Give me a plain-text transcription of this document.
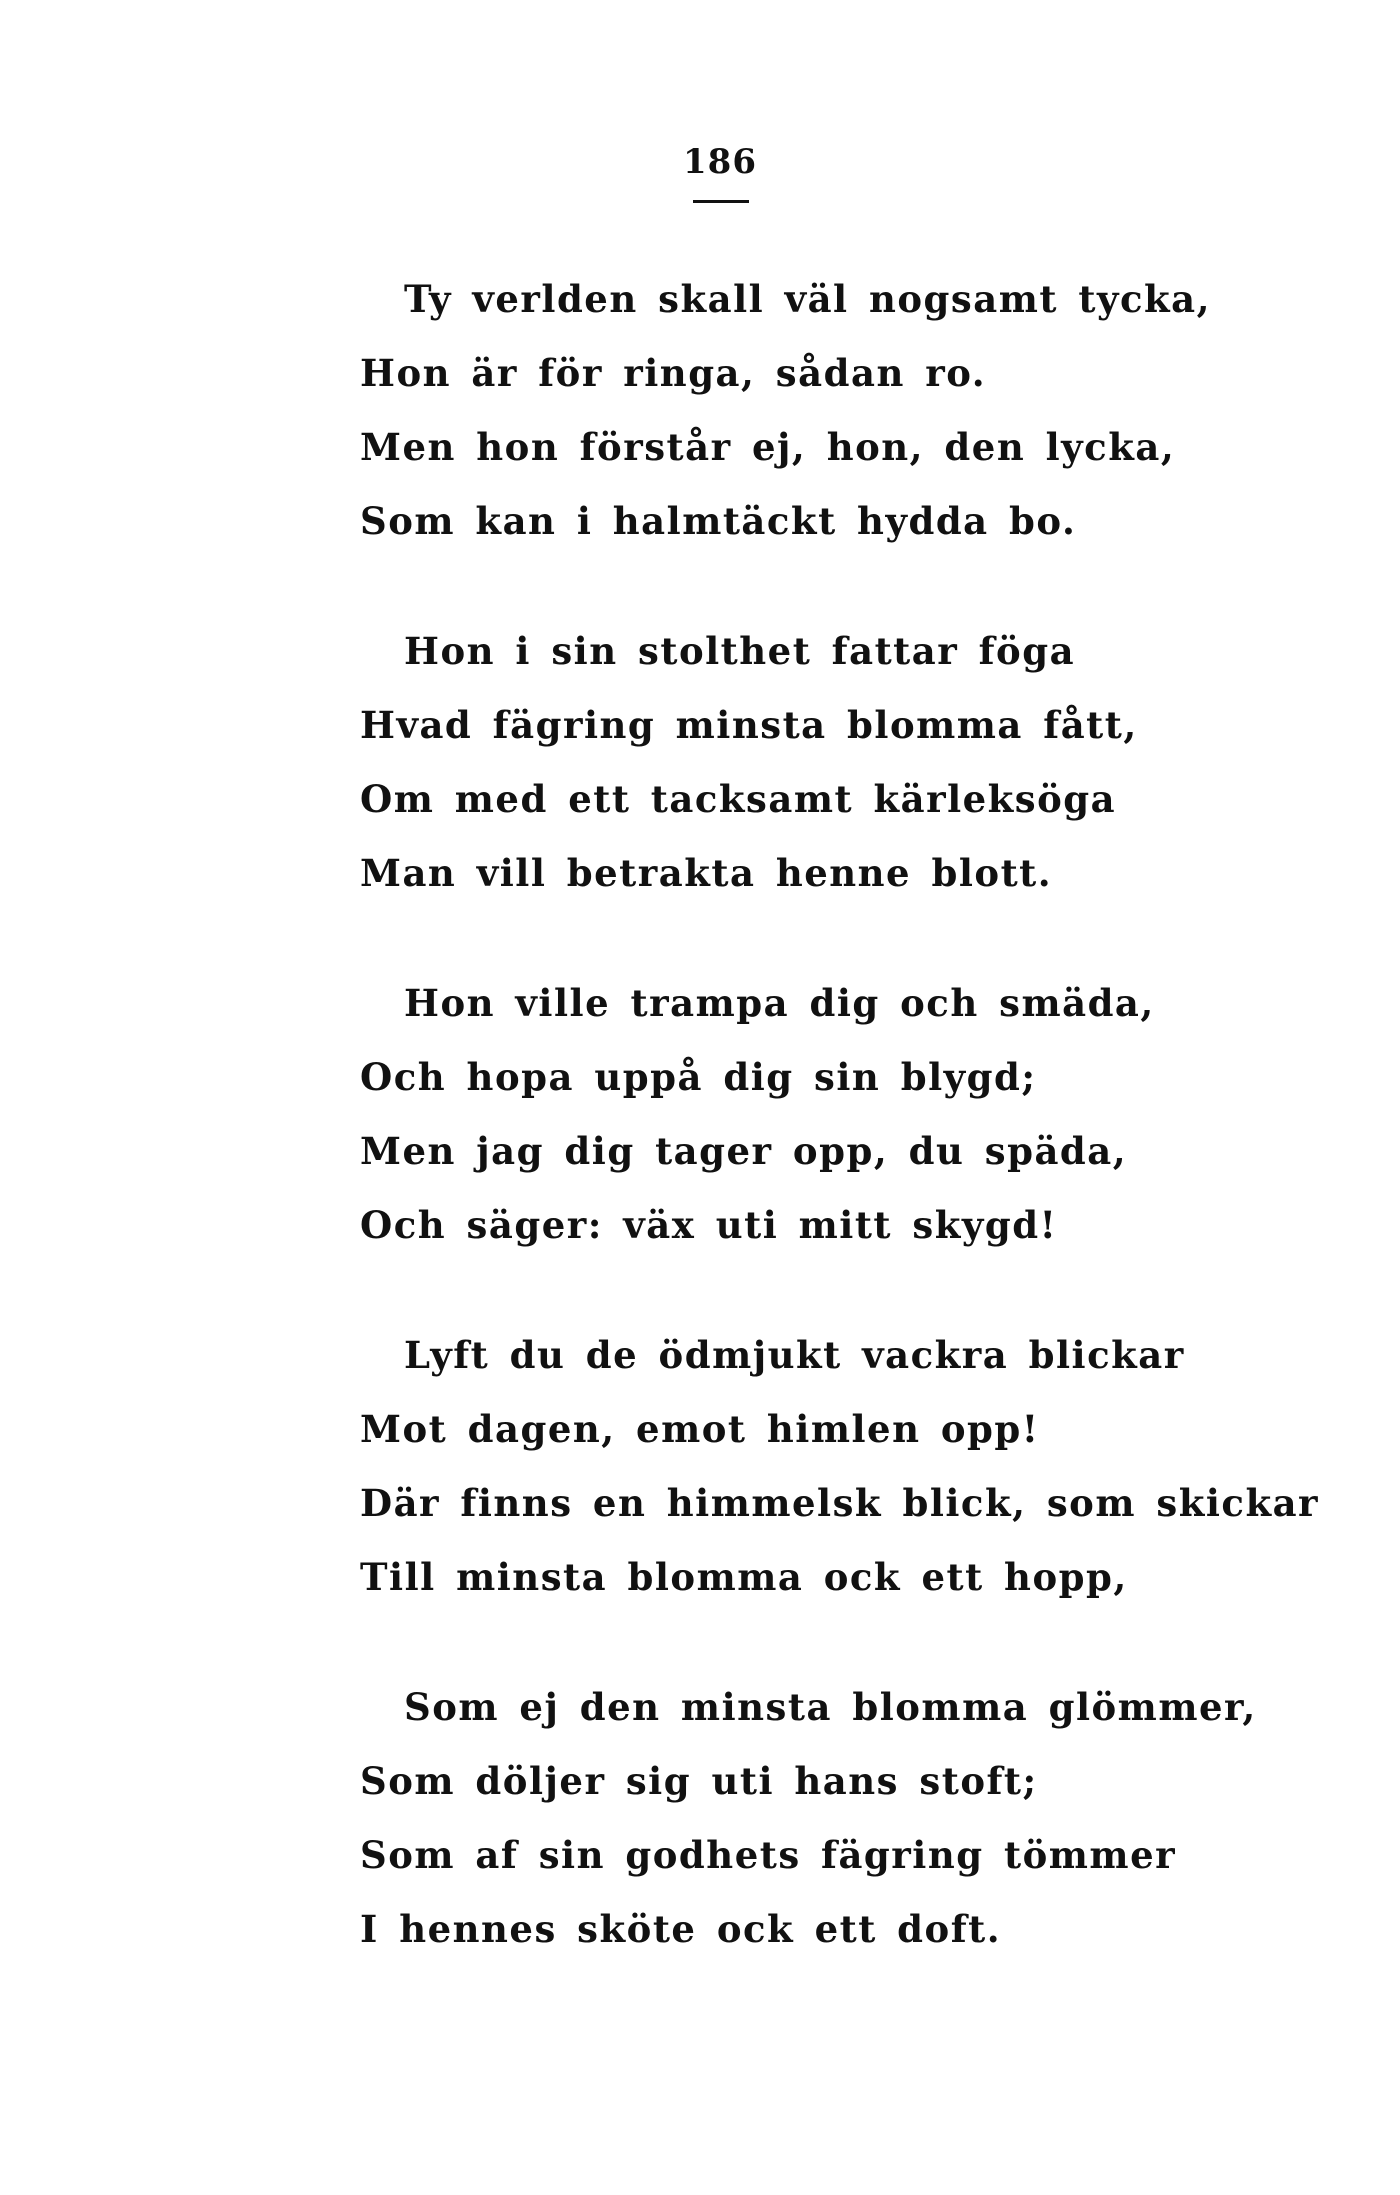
186
Ty verlden skall väl nogsamt tycka,
Hon är för ringa, sådan ro.
Men hon förstår ej, hon, den lycka,
Som kan i halmtäckt hydda bo.
Hon i sin stolthet fattar föga
Hvad fägring minsta blomma fått,
Om med ett tacksamt kärleksöga
Man vill betrakta henne blott.
Hon ville trampa dig och smäda,
Och hopa uppå dig sin blygd;
Men jag dig tager opp, du späda,
Och säger: väx uti mitt skygd!
Lyft du de ödmjukt vackra blickar
Mot dagen, emot himlen opp!
Där finns en himmelsk blick, som skickar
Till minsta blomma ock ett hopp,
Som ej den minsta blomma glömmer,
Som döljer sig uti hans stoft;
Som af sin godhets fägring tömmer
I hennes sköte ock ett doft.
